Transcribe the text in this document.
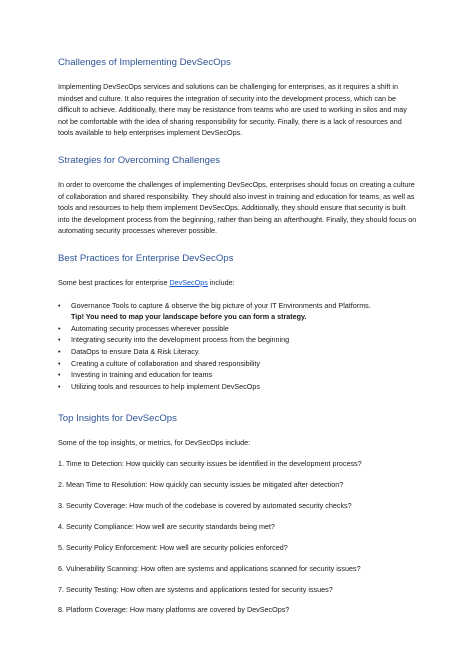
Challenges of Implementing DevSecOps

Implementing DevSecOps services and solutions can be challenging for enterprises, as it requires a shift in mindset and culture. It also requires the integration of security into the development process, which can be difficult to achieve. Additionally, there may be resistance from teams who are used to working in silos and may not be comfortable with the idea of sharing responsibility for security. Finally, there is a lack of resources and tools available to help enterprises implement DevSecOps.

Strategies for Overcoming Challenges

In order to overcome the challenges of implementing DevSecOps, enterprises should focus on creating a culture of collaboration and shared responsibility. They should also invest in training and education for teams, as well as tools and resources to help them implement DevSecOps. Additionally, they should ensure that security is built into the development process from the beginning, rather than being an afterthought. Finally, they should focus on automating security processes wherever possible.

Best Practices for Enterprise DevSecOps

Some best practices for enterprise DevSecOps include:

• Governance Tools to capture & observe the big picture of your IT Environments and Platforms.
Tip! You need to map your landscape before you can form a strategy.
• Automating security processes wherever possible
• Integrating security into the development process from the beginning
• DataOps to ensure Data & Risk Literacy.
• Creating a culture of collaboration and shared responsibility
• Investing in training and education for teams
• Utilizing tools and resources to help implement DevSecOps
Top Insights for DevSecOps

Some of the top insights, or metrics, for DevSecOps include:

1. Time to Detection: How quickly can security issues be identified in the development process?

2. Mean Time to Resolution: How quickly can security issues be mitigated after detection?

3. Security Coverage: How much of the codebase is covered by automated security checks?

4. Security Compliance: How well are security standards being met?

5. Security Policy Enforcement: How well are security policies enforced?

6. Vulnerability Scanning: How often are systems and applications scanned for security issues?

7. Security Testing: How often are systems and applications tested for security issues?

8. Platform Coverage: How many platforms are covered by DevSecOps?
